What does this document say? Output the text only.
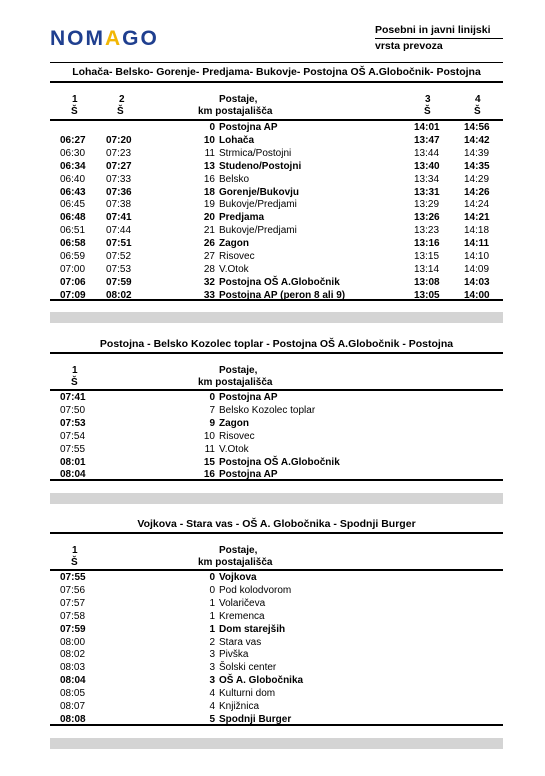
NOMAGO	Posebni in javni linijski
vrsta prevoza
Lohača- Belsko- Gorenje- Predjama- Bukovje- Postojna OŠ A.Globočnik- Postojna
1	2
Š	Š
Postaje,
km postajališča
3	4
Š	Š
0 Postojna AP	14:01 14:56
06:27 07:20	10 Lohača	13:47 14:42
06:30 07:23	11 Strmica/Postojni	13:44 14:39
06:34 07:27	13 Studeno/Postojni	13:40 14:35
06:40 07:33	16 Belsko	13:34 14:29
06:43 07:36	18 Gorenje/Bukovju	13:31 14:26
06:45 07:38	19 Bukovje/Predjami	13:29 14:24
06:48 07:41	20 Predjama	13:26 14:21
06:51 07:44	21 Bukovje/Predjami	13:23 14:18
06:58 07:51	26 Zagon	13:16 14:11
06:59 07:52	27 Risovec	13:15 14:10
07:00 07:53	28 V.Otok	13:14 14:09
07:06 07:59	32 Postojna OŠ A.Globočnik	13:08 14:03
07:09 08:02	33 Postojna AP (peron 8 ali 9)	13:05 14:00
Postojna - Belsko Kozolec toplar - Postojna OŠ A.Globočnik - Postojna
1
Š
Postaje,
km postajališča
07:41	0 Postojna AP
07:50	7 Belsko Kozolec toplar
07:53	9 Zagon
07:54	10 Risovec
07:55	11 V.Otok
08:01	15 Postojna OŠ A.Globočnik
08:04	16 Postojna AP
Vojkova - Stara vas - OŠ A. Globočnika - Spodnji Burger
1
Š
Postaje,
km postajališča
07:55	0 Vojkova
07:56	0 Pod kolodvorom
07:57	1 Volaričeva
07:58	1 Kremenca
07:59	1 Dom starejših
08:00	2 Stara vas
08:02	3 Pivška
08:03	3 Šolski center
08:04	3 OŠ A. Globočnika
08:05	4 Kulturni dom
08:07	4 Knjižnica
08:08	5 Spodnji Burger
